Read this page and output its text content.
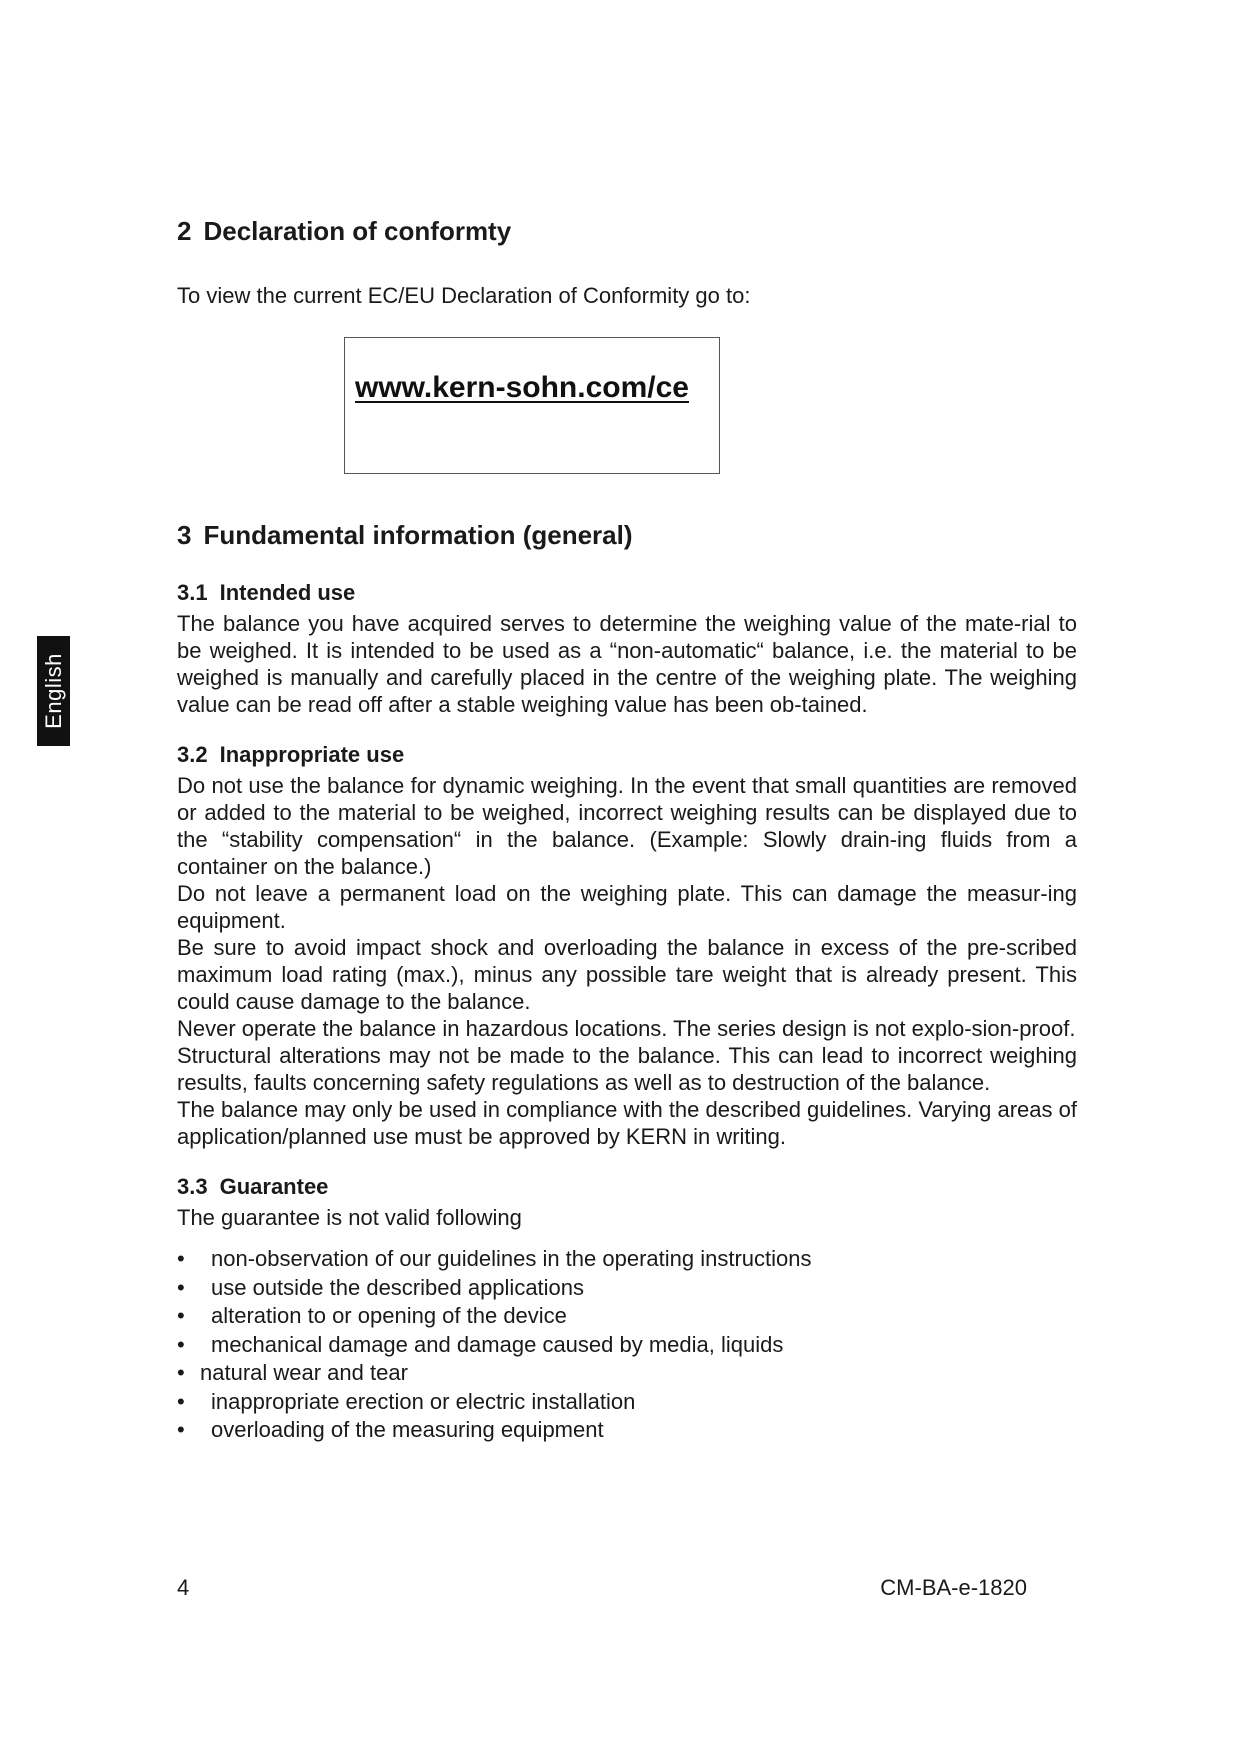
English
2 Declaration of conformty

To view the current EC/EU Declaration of Conformity go to:

www.kern-sohn.com/ce
3 Fundamental information (general)
3.1 Intended use

The balance you have acquired serves to determine the weighing value of the mate-rial to be weighed. It is intended to be used as a “non-automatic“ balance, i.e. the material to be weighed is manually and carefully placed in the centre of the weighing plate. The weighing value can be read off after a stable weighing value has been ob-tained.

3.2 Inappropriate use

Do not use the balance for dynamic weighing. In the event that small quantities are removed or added to the material to be weighed, incorrect weighing results can be displayed due to the “stability compensation“ in the balance. (Example: Slowly drain-ing fluids from a container on the balance.)

Do not leave a permanent load on the weighing plate. This can damage the measur-ing equipment.

Be sure to avoid impact shock and overloading the balance in excess of the pre-scribed maximum load rating (max.), minus any possible tare weight that is already present. This could cause damage to the balance.

Never operate the balance in hazardous locations. The series design is not explo-sion-proof.

Structural alterations may not be made to the balance. This can lead to incorrect weighing results, faults concerning safety regulations as well as to destruction of the balance.

The balance may only be used in compliance with the described guidelines. Varying areas of application/planned use must be approved by KERN in writing.

3.3 Guarantee

The guarantee is not valid following

• non-observation of our guidelines in the operating instructions
• use outside the described applications
• alteration to or opening of the device
• mechanical damage and damage caused by media, liquids
• natural wear and tear
• inappropriate erection or electric installation
• overloading of the measuring equipment
4	CM-BA-e-1820
